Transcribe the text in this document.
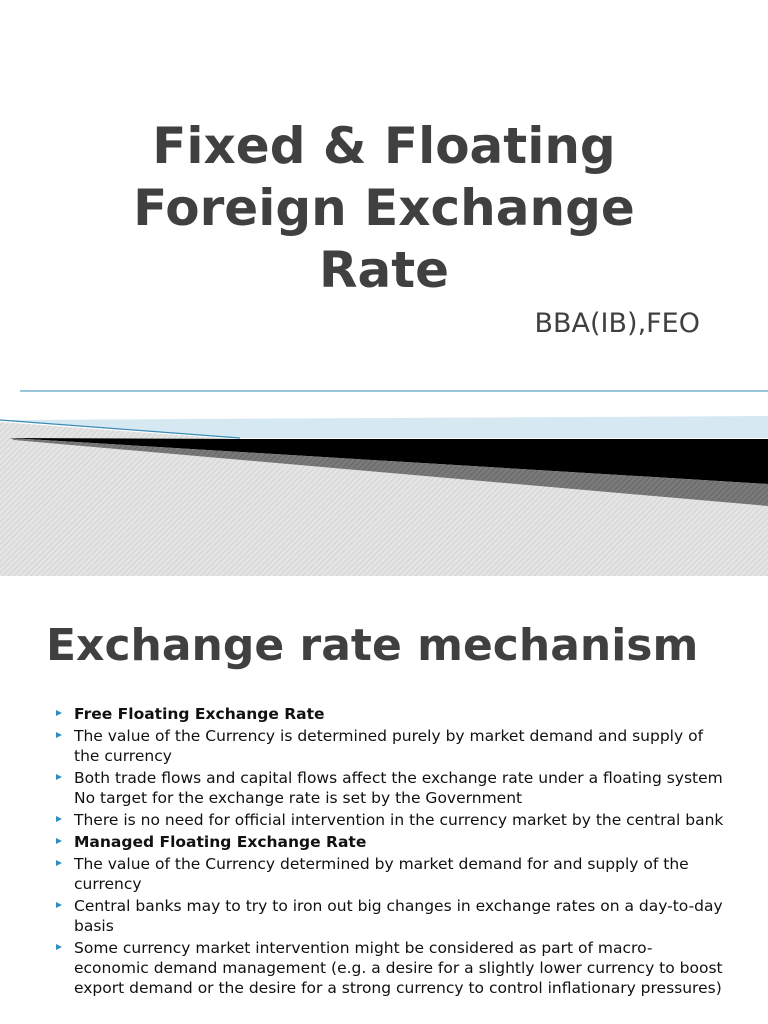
Fixed & Floating
Foreign Exchange
Rate
BBA(IB),FEO
Exchange rate mechanism
Free Floating Exchange Rate
The value of the Currency is determined purely by market demand and supply of the currency
Both trade flows and capital flows affect the exchange rate under a floating system
No target for the exchange rate is set by the Government
There is no need for official intervention in the currency market by the central bank
Managed Floating Exchange Rate
The value of the Currency determined by market demand for and supply of the currency
Central banks may to try to iron out big changes in exchange rates on a day-to-day basis
Some currency market intervention might be considered as part of macro-economic demand management (e.g. a desire for a slightly lower currency to boost export demand or the desire for a strong currency to control inflationary pressures)
